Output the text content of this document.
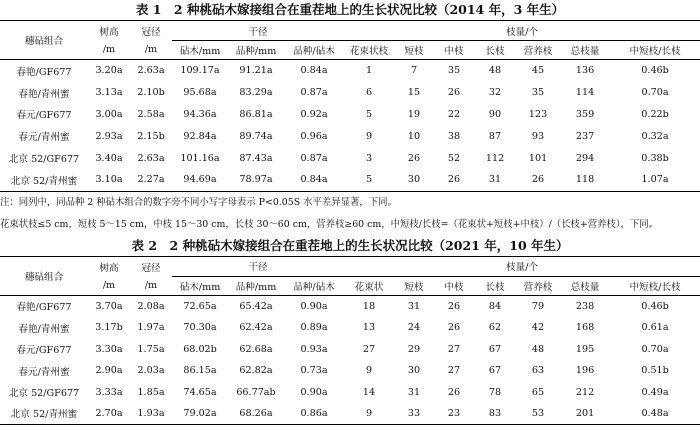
表 1　2 种桃砧木嫁接组合在重茬地上的生长状况比较（2014 年，3 年生）
穗砧组合	树高	冠径	干径			枝量/个						
	/m	/m	砧木/mm	品种/mm	品种/砧木	花束状枝	短枝	中枝	长枝	营养枝	总枝量	中短枝/长枝
春艳/GF677	3.20a	2.63a	109.17a	91.21a	0.84a	1	7	35	48	45	136	0.46b
春艳/青州蜜	3.13a	2.10b	95.68a	83.29a	0.87a	6	15	26	32	35	114	0.70a
春元/GF677	3.00a	2.58a	94.36a	86.81a	0.92a	5	19	22	90	123	359	0.22b
春元/青州蜜	2.93a	2.15b	92.84a	89.74a	0.96a	9	10	38	87	93	237	0.32a
北京 52/GF677	3.40a	2.63a	101.16a	87.43a	0.87a	3	26	52	112	101	294	0.38b
北京 52/青州蜜	3.10a	2.27a	94.69a	78.97a	0.84a	5	30	26	31	26	118	1.07a
注：同列中，同品种 2 种砧木组合的数字旁不同小写字母表示 P<0.05S 水平差异显著，下同。
花束状枝≤5 cm，短枝 5～15 cm，中枝 15～30 cm，长枝 30～60 cm，营养枝≥60 cm，中短枝/长枝=（花束状+短枝+中枝）/（长枝+营养枝），下同。
表 2　2 种桃砧木嫁接组合在重茬地上的生长状况比较（2021 年，10 年生）
穗砧组合	树高	冠径	干径			枝量/个						
	/m	/m	砧木/mm	品种/mm	品种/砧木	花束状	短枝	中枝	长枝	营养枝	总枝量	中短枝/长枝
春艳/GF677	3.70a	2.08a	72.65a	65.42a	0.90a	18	31	26	84	79	238	0.46b
春艳/青州蜜	3.17b	1.97a	70.30a	62.42a	0.89a	13	24	26	62	42	168	0.61a
春元/GF677	3.30a	1.75a	68.02b	62.68a	0.93a	27	29	27	67	48	195	0.70a
春元/青州蜜	2.90a	2.03a	86.15a	62.82a	0.73a	9	30	27	67	63	196	0.51b
北京 52/GF677	3.33a	1.85a	74.65a	66.77ab	0.90a	14	31	26	78	65	212	0.49a
北京 52/青州蜜	2.70a	1.93a	79.02a	68.26a	0.86a	9	33	23	83	53	201	0.48a
